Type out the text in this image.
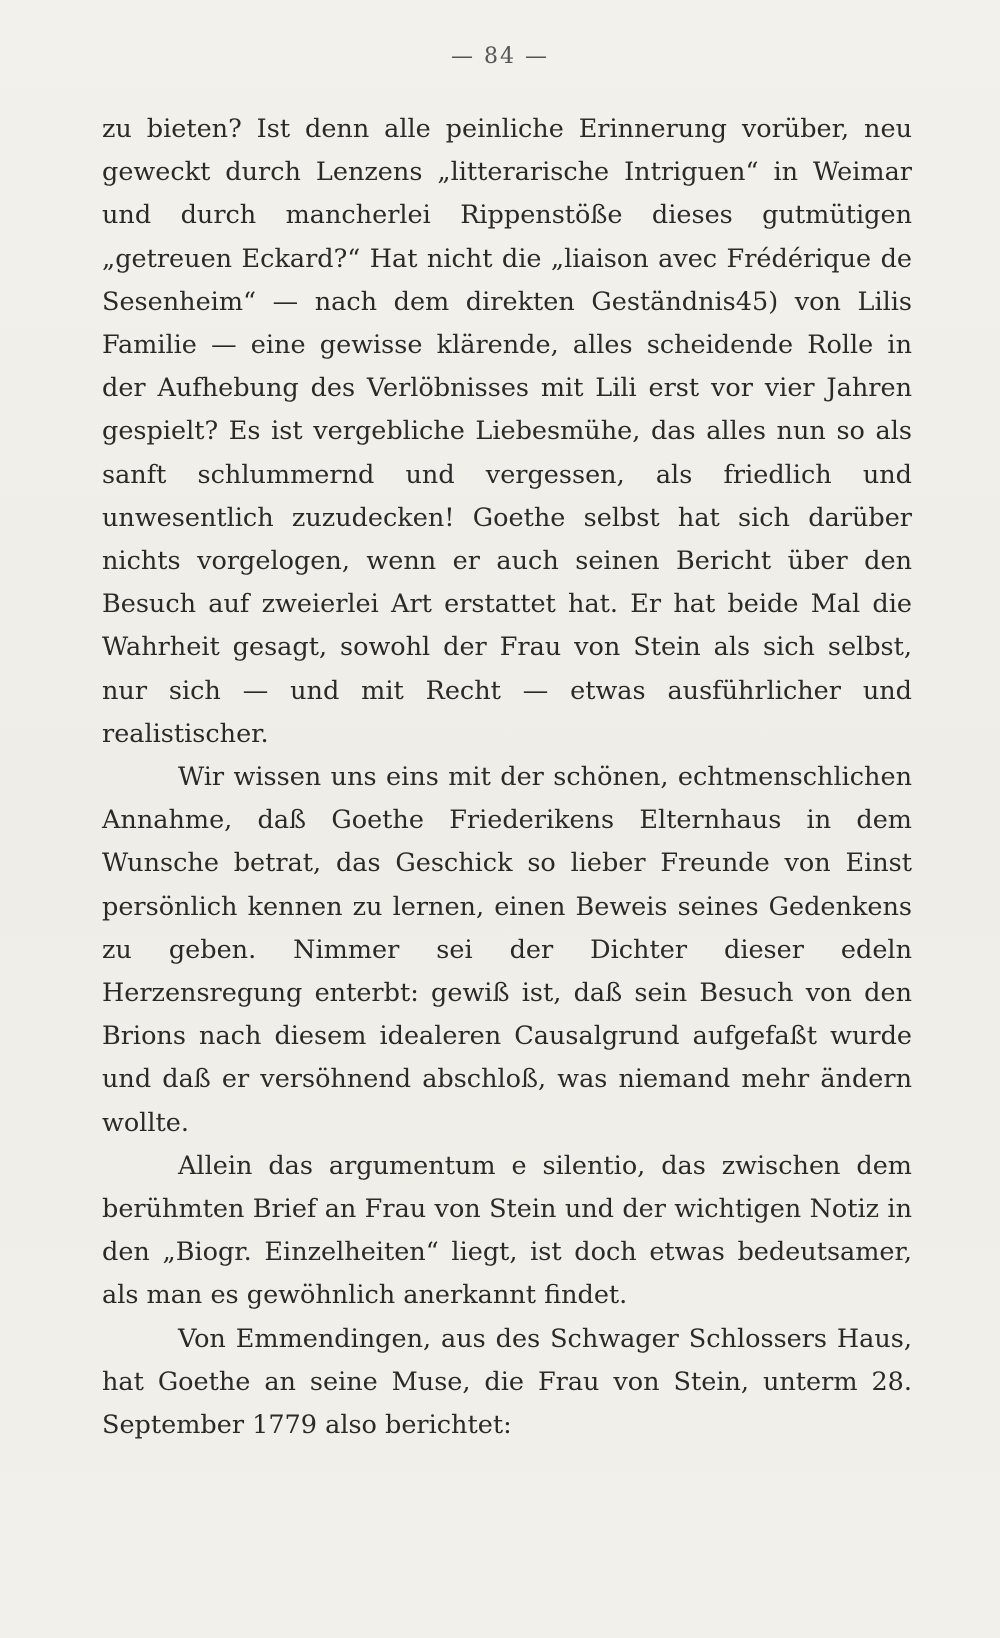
— 84 —

zu bieten? Ist denn alle peinliche Erinnerung vorüber, neu geweckt durch Lenzens „litterarische Intriguen“ in Weimar und durch mancherlei Rippenstöße dieses gutmütigen „getreuen Eckard?“ Hat nicht die „liaison avec Frédérique de Sesenheim“ — nach dem direkten Geständnis45) von Lilis Familie — eine gewisse klärende, alles scheidende Rolle in der Aufhebung des Verlöbnisses mit Lili erst vor vier Jahren gespielt? Es ist vergebliche Liebesmühe, das alles nun so als sanft schlummernd und vergessen, als friedlich und unwesentlich zuzudecken! Goethe selbst hat sich darüber nichts vorgelogen, wenn er auch seinen Bericht über den Besuch auf zweierlei Art erstattet hat. Er hat beide Mal die Wahrheit gesagt, sowohl der Frau von Stein als sich selbst, nur sich — und mit Recht — etwas ausführlicher und realistischer.

Wir wissen uns eins mit der schönen, echtmenschlichen Annahme, daß Goethe Friederikens Elternhaus in dem Wunsche betrat, das Geschick so lieber Freunde von Einst persönlich kennen zu lernen, einen Beweis seines Gedenkens zu geben. Nimmer sei der Dichter dieser edeln Herzensregung enterbt: gewiß ist, daß sein Besuch von den Brions nach diesem idealeren Causalgrund aufgefaßt wurde und daß er versöhnend abschloß, was niemand mehr ändern wollte.

Allein das argumentum e silentio, das zwischen dem berühmten Brief an Frau von Stein und der wichtigen Notiz in den „Biogr. Einzelheiten“ liegt, ist doch etwas bedeutsamer, als man es gewöhnlich anerkannt findet.

Von Emmendingen, aus des Schwager Schlossers Haus, hat Goethe an seine Muse, die Frau von Stein, unterm 28. September 1779 also berichtet:
